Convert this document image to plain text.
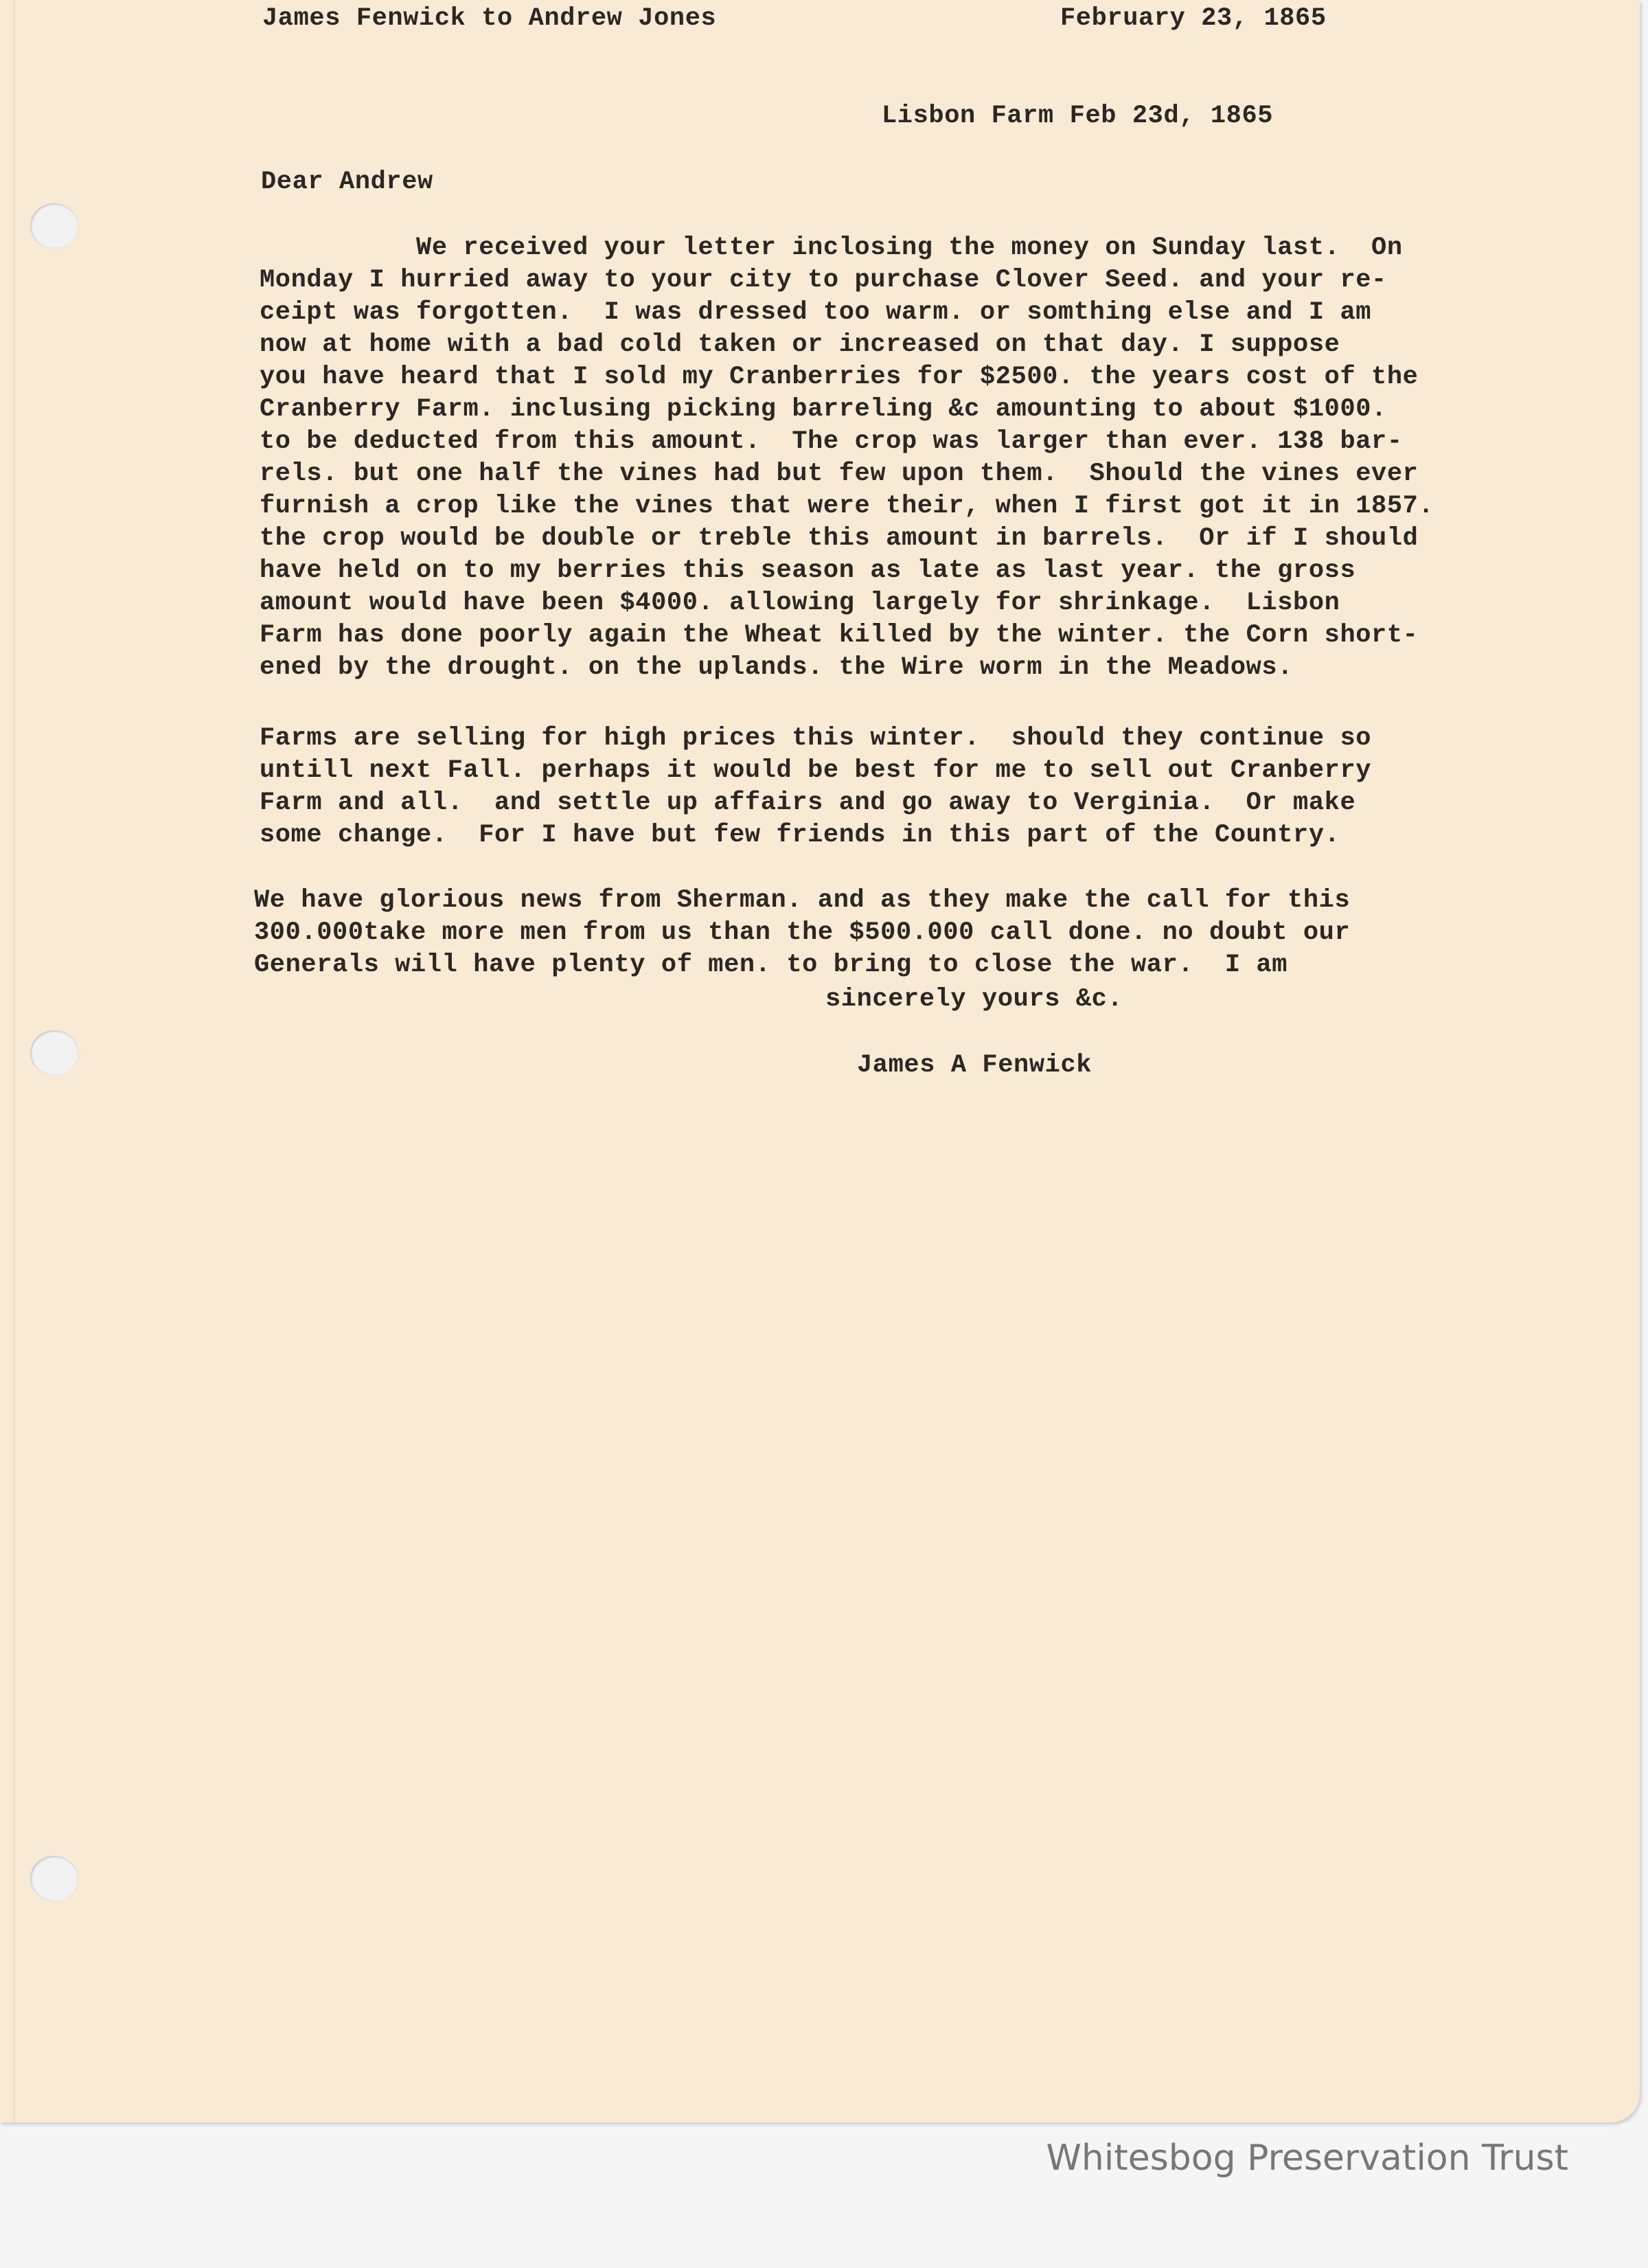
James Fenwick to Andrew Jones	February 23, 1865
Lisbon Farm Feb 23d, 1865
Dear Andrew
We received your letter inclosing the money on Sunday last.  On
Monday I hurried away to your city to purchase Clover Seed. and your re-
ceipt was forgotten.  I was dressed too warm. or somthing else and I am
now at home with a bad cold taken or increased on that day. I suppose
you have heard that I sold my Cranberries for $2500. the years cost of the
Cranberry Farm. inclusing picking barreling &c amounting to about $1000.
to be deducted from this amount.  The crop was larger than ever. 138 bar-
rels. but one half the vines had but few upon them.  Should the vines ever
furnish a crop like the vines that were their, when I first got it in 1857.
the crop would be double or treble this amount in barrels.  Or if I should
have held on to my berries this season as late as last year. the gross
amount would have been $4000. allowing largely for shrinkage.  Lisbon
Farm has done poorly again the Wheat killed by the winter. the Corn short-
ened by the drought. on the uplands. the Wire worm in the Meadows.
Farms are selling for high prices this winter.  should they continue so
untill next Fall. perhaps it would be best for me to sell out Cranberry
Farm and all.  and settle up affairs and go away to Verginia.  Or make
some change.  For I have but few friends in this part of the Country.
We have glorious news from Sherman. and as they make the call for this
300.000take more men from us than the $500.000 call done. no doubt our
Generals will have plenty of men. to bring to close the war.  I am
sincerely yours &c.
James A Fenwick
Whitesbog Preservation Trust
